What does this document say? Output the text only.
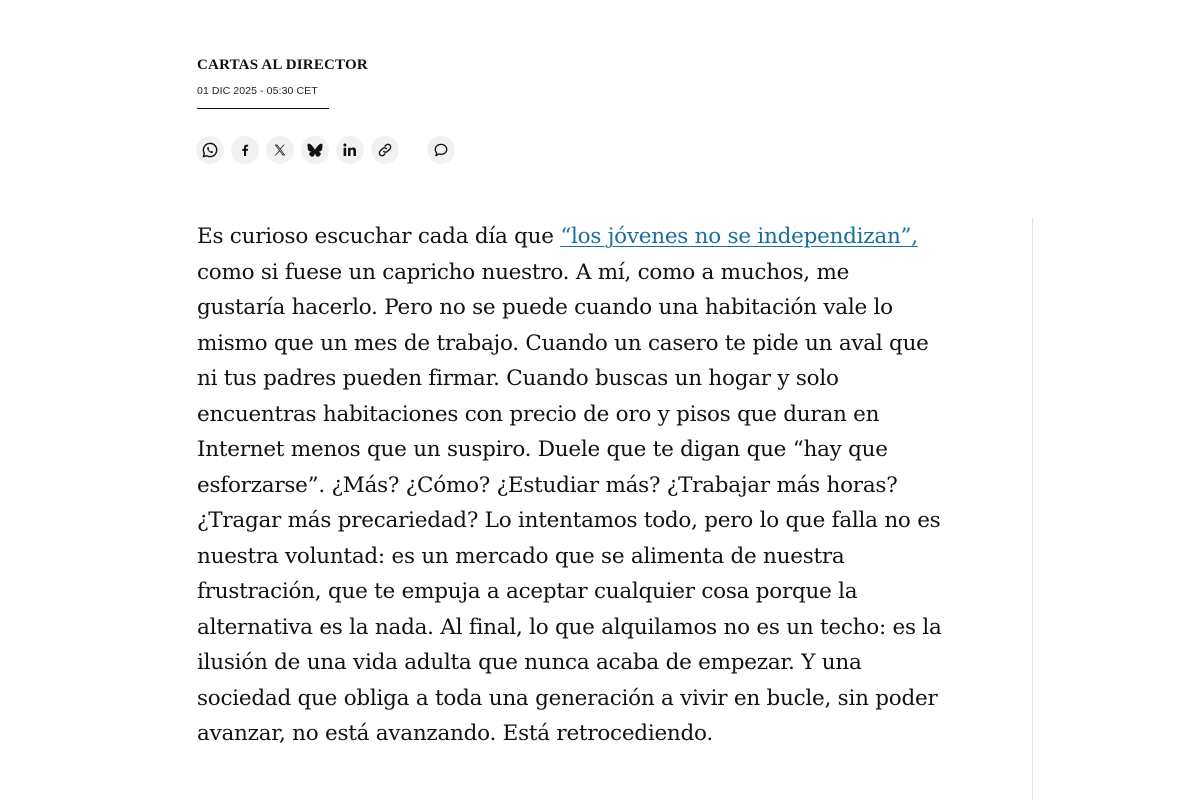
CARTAS AL DIRECTOR
01 DIC 2025 - 05:30 CET

Es curioso escuchar cada día que “los jóvenes no se independizan”, como si fuese un capricho nuestro. A mí, como a muchos, me gustaría hacerlo. Pero no se puede cuando una habitación vale lo mismo que un mes de trabajo. Cuando un casero te pide un aval que ni tus padres pueden firmar. Cuando buscas un hogar y solo encuentras habitaciones con precio de oro y pisos que duran en Internet menos que un suspiro. Duele que te digan que “hay que esforzarse”. ¿Más? ¿Cómo? ¿Estudiar más? ¿Trabajar más horas? ¿Tragar más precariedad? Lo intentamos todo, pero lo que falla no es nuestra voluntad: es un mercado que se alimenta de nuestra frustración, que te empuja a aceptar cualquier cosa porque la alternativa es la nada. Al final, lo que alquilamos no es un techo: es la ilusión de una vida adulta que nunca acaba de empezar. Y una sociedad que obliga a toda una generación a vivir en bucle, sin poder avanzar, no está avanzando. Está retrocediendo.
